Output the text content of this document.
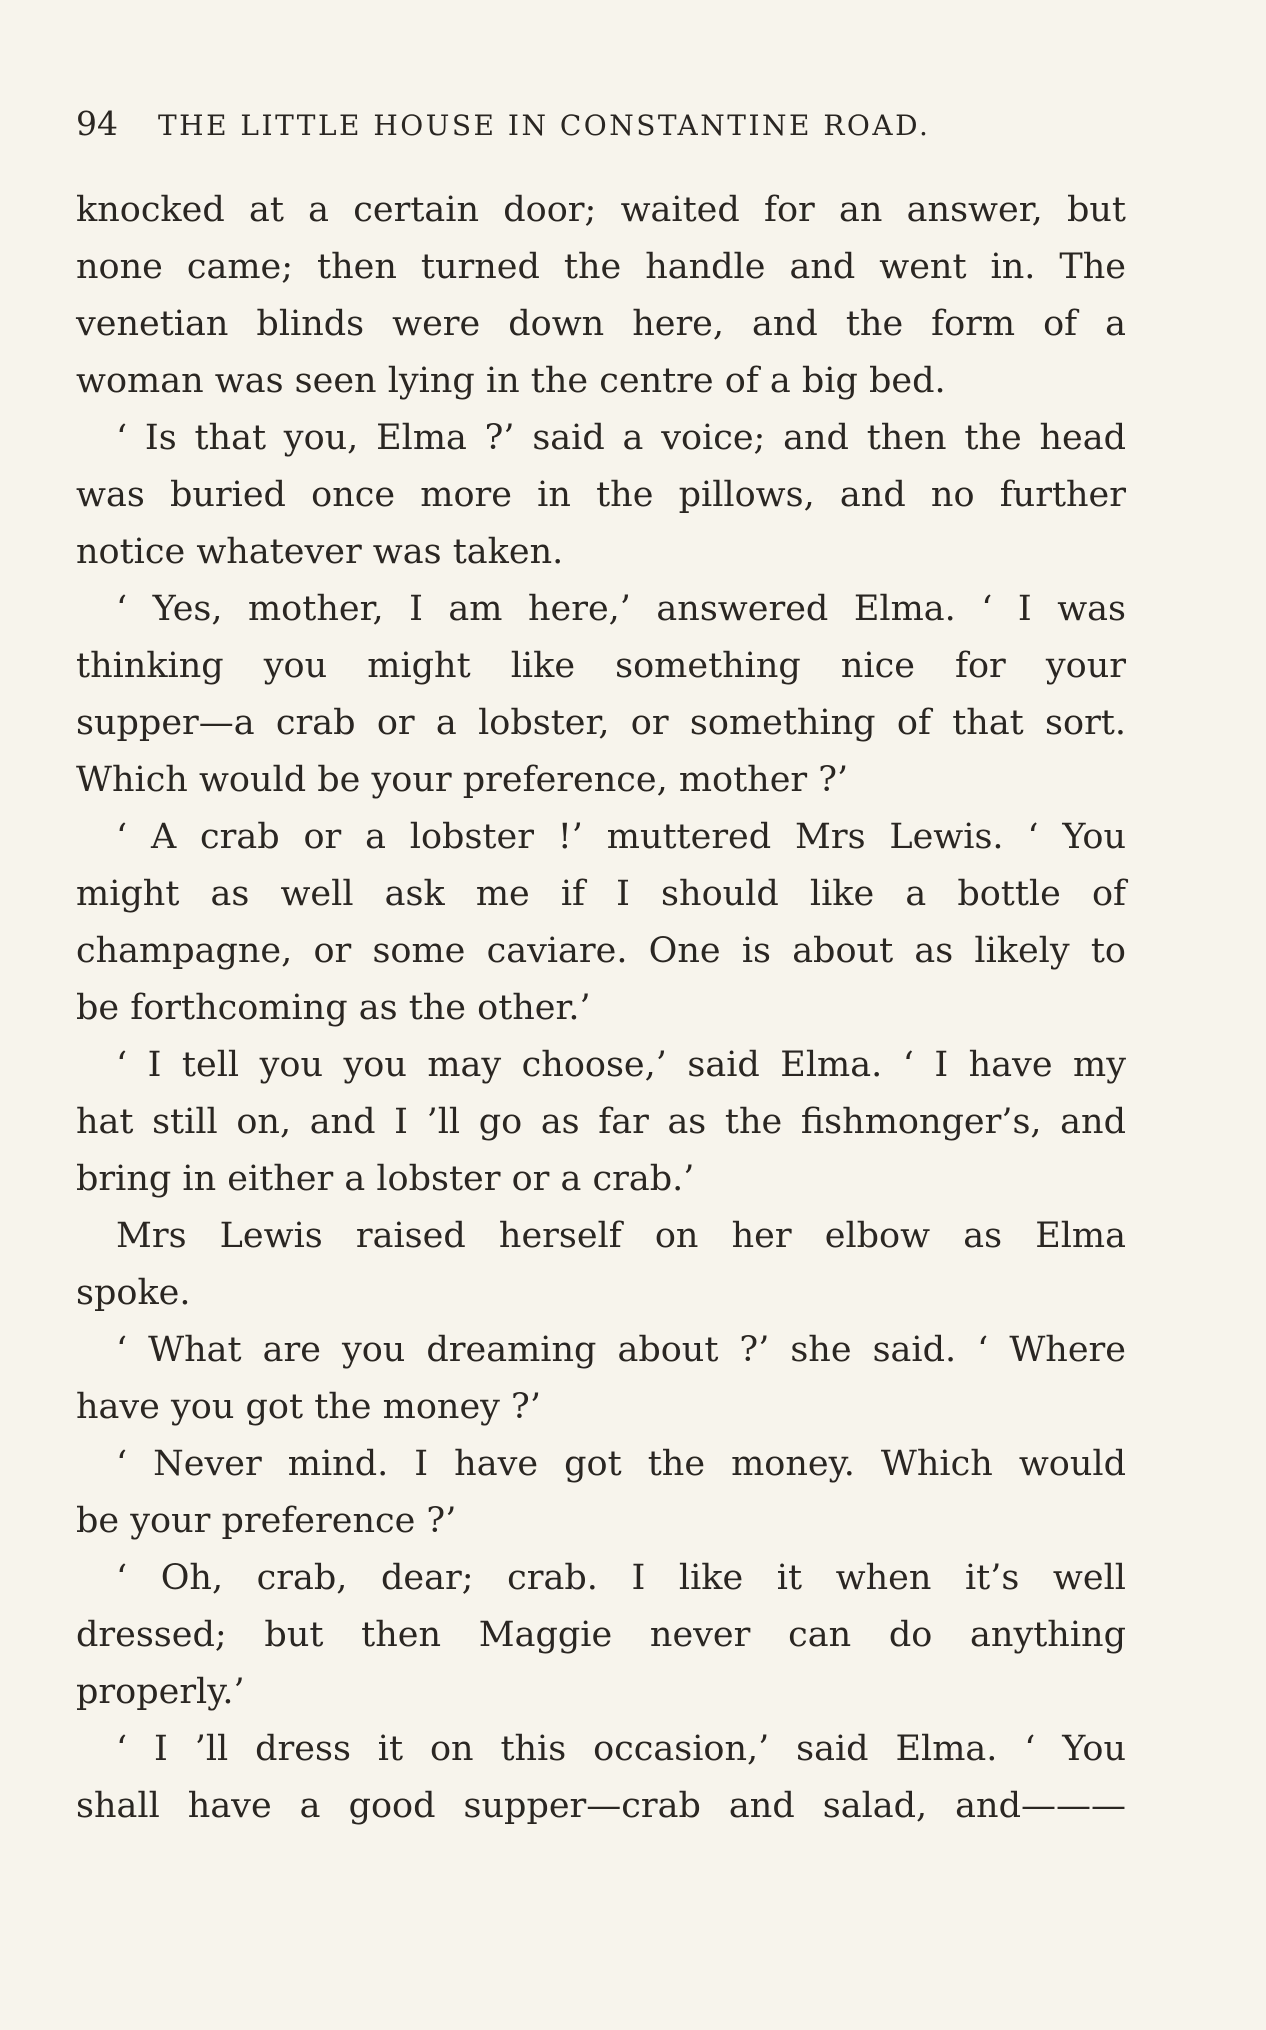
94 THE LITTLE HOUSE IN CONSTANTINE ROAD.
knocked at a certain door; waited for an answer, but
none came; then turned the handle and went in. The
venetian blinds were down here, and the form of a
woman was seen lying in the centre of a big bed.
‘ Is that you, Elma ?’ said a voice; and then the head
was buried once more in the pillows, and no further
notice whatever was taken.
‘ Yes, mother, I am here,’ answered Elma. ‘ I was
thinking you might like something nice for your
supper—a crab or a lobster, or something of that sort.
Which would be your preference, mother ?’
‘ A crab or a lobster !’ muttered Mrs Lewis. ‘ You
might as well ask me if I should like a bottle of
champagne, or some caviare. One is about as likely to
be forthcoming as the other.’
‘ I tell you you may choose,’ said Elma. ‘ I have my
hat still on, and I ’ll go as far as the fishmonger’s, and
bring in either a lobster or a crab.’
Mrs Lewis raised herself on her elbow as Elma
spoke.
‘ What are you dreaming about ?’ she said. ‘ Where
have you got the money ?’
‘ Never mind. I have got the money. Which would
be your preference ?’
‘ Oh, crab, dear; crab. I like it when it’s well
dressed; but then Maggie never can do anything
properly.’
‘ I ’ll dress it on this occasion,’ said Elma. ‘ You
shall have a good supper—crab and salad, and———
